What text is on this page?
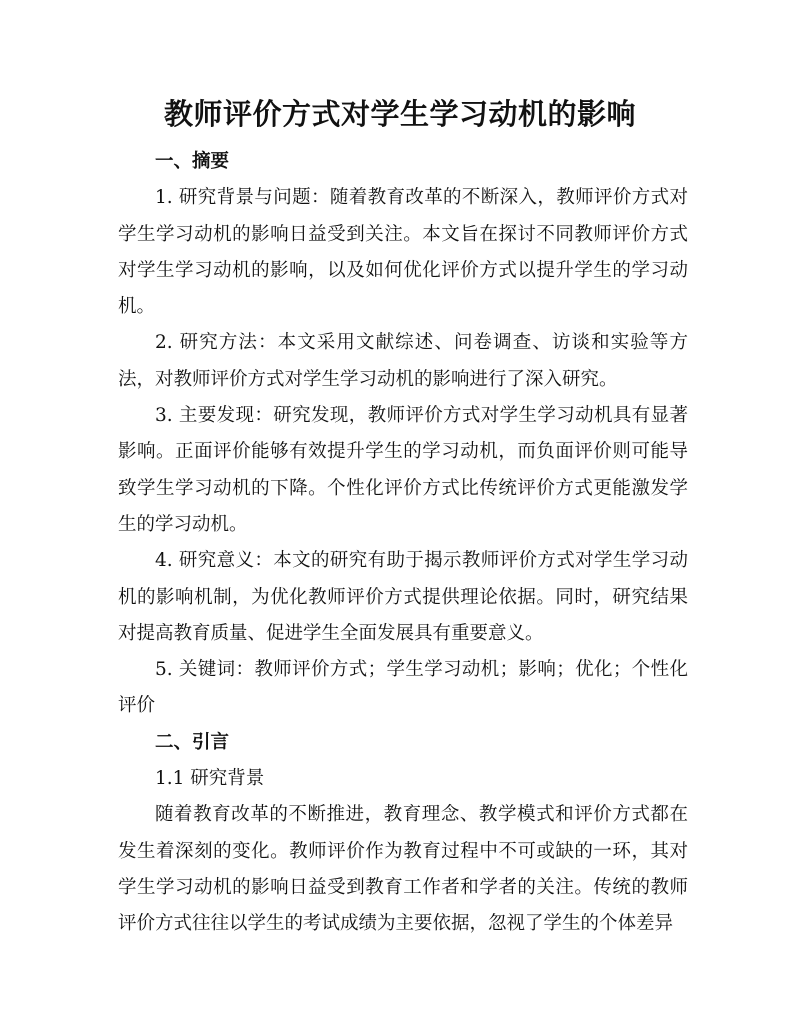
教师评价方式对学生学习动机的影响
一、摘要

1. 研究背景与问题：随着教育改革的不断深入，教师评价方式对学生学习动机的影响日益受到关注。本文旨在探讨不同教师评价方式对学生学习动机的影响，以及如何优化评价方式以提升学生的学习动机。

2. 研究方法：本文采用文献综述、问卷调查、访谈和实验等方法，对教师评价方式对学生学习动机的影响进行了深入研究。

3. 主要发现：研究发现，教师评价方式对学生学习动机具有显著影响。正面评价能够有效提升学生的学习动机，而负面评价则可能导致学生学习动机的下降。个性化评价方式比传统评价方式更能激发学生的学习动机。

4. 研究意义：本文的研究有助于揭示教师评价方式对学生学习动机的影响机制，为优化教师评价方式提供理论依据。同时，研究结果对提高教育质量、促进学生全面发展具有重要意义。

5. 关键词：教师评价方式；学生学习动机；影响；优化；个性化评价

二、引言

1.1 研究背景

随着教育改革的不断推进，教育理念、教学模式和评价方式都在发生着深刻的变化。教师评价作为教育过程中不可或缺的一环，其对学生学习动机的影响日益受到教育工作者和学者的关注。传统的教师评价方式往往以学生的考试成绩为主要依据，忽视了学生的个体差异
